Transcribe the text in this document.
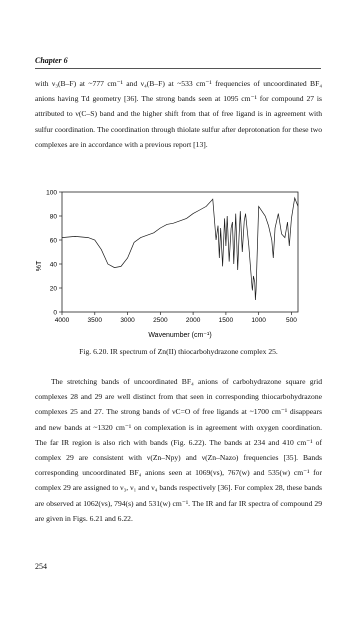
Chapter 6

with ν₃(B–F) at ~777 cm⁻¹ and ν₄(B–F) at ~533 cm⁻¹ frequencies of uncoordinated BF₄ anions having Td geometry [36]. The strong bands seen at 1095 cm⁻¹ for compound 27 is attributed to ν(C–S) band and the higher shift from that of free ligand is in agreement with sulfur coordination. The coordination through thiolate sulfur after deprotonation for these two complexes are in accordance with a previous report [13].

0
20
40
60
80
100
4000	3500	3000	2500	2000	1500	1000	500
Wavenumber (cm⁻¹)
%T
Fig. 6.20. IR spectrum of Zn(II) thiocarbohydrazone complex 25.

The stretching bands of uncoordinated BF₄ anions of carbohydrazone square grid complexes 28 and 29 are well distinct from that seen in corresponding thiocarbohydrazone complexes 25 and 27. The strong bands of νC=O of free ligands at ~1700 cm⁻¹ disappears and new bands at ~1320 cm⁻¹ on complexation is in agreement with oxygen coordination. The far IR region is also rich with bands (Fig. 6.22). The bands at 234 and 410 cm⁻¹ of complex 29 are consistent with ν(Zn–Npy) and ν(Zn–Nazo) frequencies [35]. Bands corresponding uncoordinated BF₄ anions seen at 1069(vs), 767(w) and 535(w) cm⁻¹ for complex 29 are assigned to ν₃, ν₁ and ν₄ bands respectively [36]. For complex 28, these bands are observed at 1062(vs), 794(s) and 531(w) cm⁻¹. The IR and far IR spectra of compound 29 are given in Figs. 6.21 and 6.22.

254
